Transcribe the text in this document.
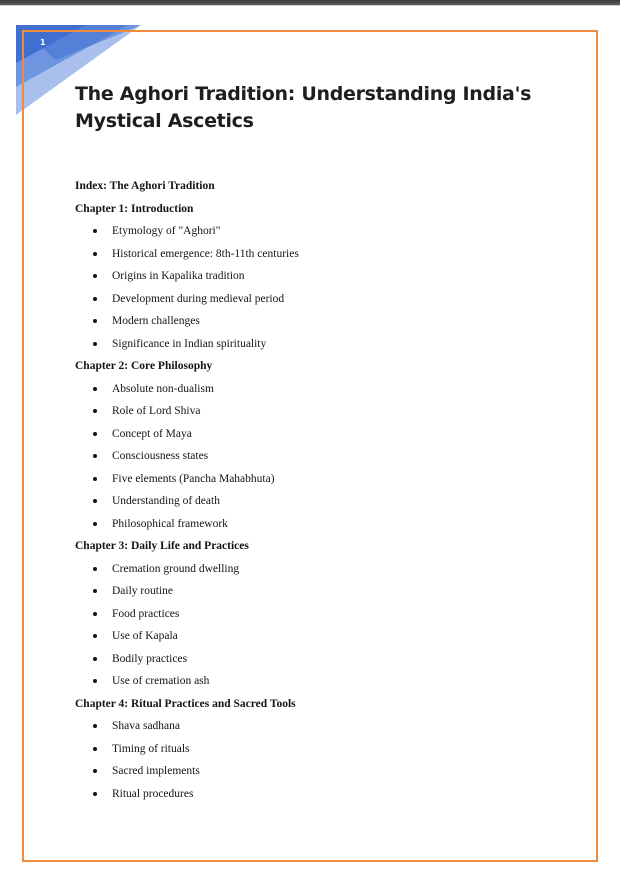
1
The Aghori Tradition: Understanding India's Mystical Ascetics
Index: The Aghori Tradition
Chapter 1: Introduction
Etymology of "Aghori"
Historical emergence: 8th-11th centuries
Origins in Kapalika tradition
Development during medieval period
Modern challenges
Significance in Indian spirituality
Chapter 2: Core Philosophy
Absolute non-dualism
Role of Lord Shiva
Concept of Maya
Consciousness states
Five elements (Pancha Mahabhuta)
Understanding of death
Philosophical framework
Chapter 3: Daily Life and Practices
Cremation ground dwelling
Daily routine
Food practices
Use of Kapala
Bodily practices
Use of cremation ash
Chapter 4: Ritual Practices and Sacred Tools
Shava sadhana
Timing of rituals
Sacred implements
Ritual procedures
